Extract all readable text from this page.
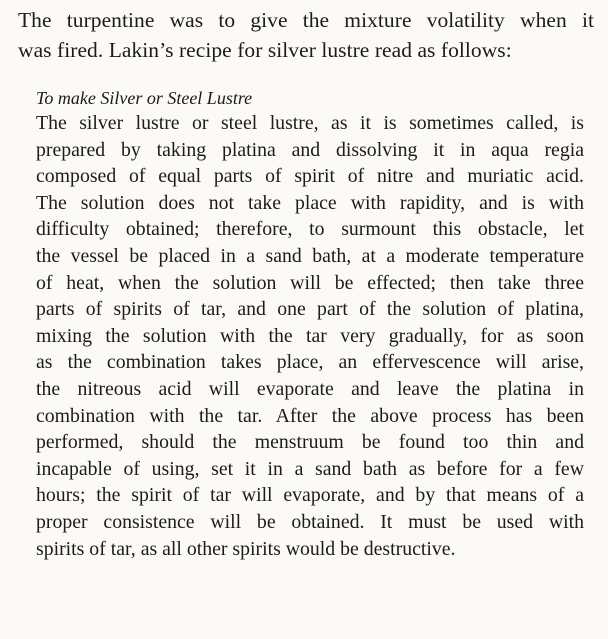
The turpentine was to give the mixture volatility when it
was fired. Lakin’s recipe for silver lustre read as follows:

To make Silver or Steel Lustre

The silver lustre or steel lustre, as it is sometimes called, is
prepared by taking platina and dissolving it in aqua regia
composed of equal parts of spirit of nitre and muriatic acid.
The solution does not take place with rapidity, and is with
difficulty obtained; therefore, to surmount this obstacle, let
the vessel be placed in a sand bath, at a moderate temperature
of heat, when the solution will be effected; then take three
parts of spirits of tar, and one part of the solution of platina,
mixing the solution with the tar very gradually, for as soon
as the combination takes place, an effervescence will arise,
the nitreous acid will evaporate and leave the platina in
combination with the tar. After the above process has been
performed, should the menstruum be found too thin and
incapable of using, set it in a sand bath as before for a few
hours; the spirit of tar will evaporate, and by that means of a
proper consistence will be obtained. It must be used with
spirits of tar, as all other spirits would be destructive.
